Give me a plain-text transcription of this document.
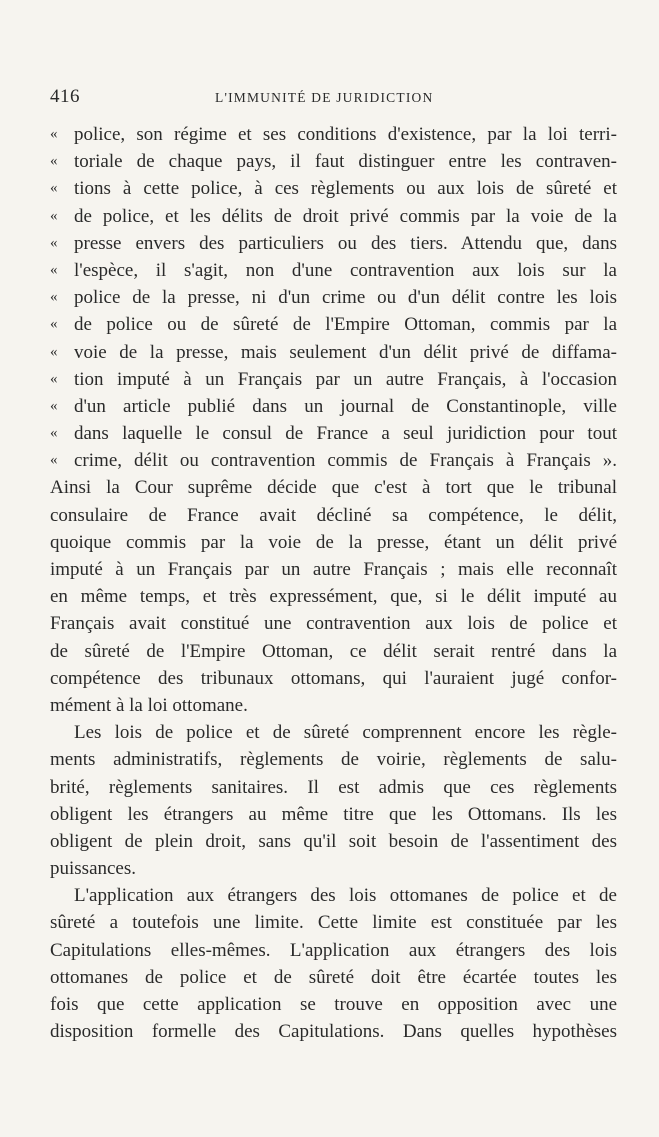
416	L'IMMUNITÉ DE JURIDICTION
« police, son régime et ses conditions d'existence, par la loi terri-
« toriale de chaque pays, il faut distinguer entre les contraven-
« tions à cette police, à ces règlements ou aux lois de sûreté et
« de police, et les délits de droit privé commis par la voie de la
« presse envers des particuliers ou des tiers. Attendu que, dans
« l'espèce, il s'agit, non d'une contravention aux lois sur la
« police de la presse, ni d'un crime ou d'un délit contre les lois
« de police ou de sûreté de l'Empire Ottoman, commis par la
« voie de la presse, mais seulement d'un délit privé de diffama-
« tion imputé à un Français par un autre Français, à l'occasion
« d'un article publié dans un journal de Constantinople, ville
« dans laquelle le consul de France a seul juridiction pour tout
« crime, délit ou contravention commis de Français à Français ».
Ainsi la Cour suprême décide que c'est à tort que le tribunal
consulaire de France avait décliné sa compétence, le délit,
quoique commis par la voie de la presse, étant un délit privé
imputé à un Français par un autre Français ; mais elle reconnaît
en même temps, et très expressément, que, si le délit imputé au
Français avait constitué une contravention aux lois de police et
de sûreté de l'Empire Ottoman, ce délit serait rentré dans la
compétence des tribunaux ottomans, qui l'auraient jugé confor-
mément à la loi ottomane.
Les lois de police et de sûreté comprennent encore les règle-
ments administratifs, règlements de voirie, règlements de salu-
brité, règlements sanitaires. Il est admis que ces règlements
obligent les étrangers au même titre que les Ottomans. Ils les
obligent de plein droit, sans qu'il soit besoin de l'assentiment des
puissances.
L'application aux étrangers des lois ottomanes de police et de
sûreté a toutefois une limite. Cette limite est constituée par les
Capitulations elles-mêmes. L'application aux étrangers des lois
ottomanes de police et de sûreté doit être écartée toutes les
fois que cette application se trouve en opposition avec une
disposition formelle des Capitulations. Dans quelles hypothèses
